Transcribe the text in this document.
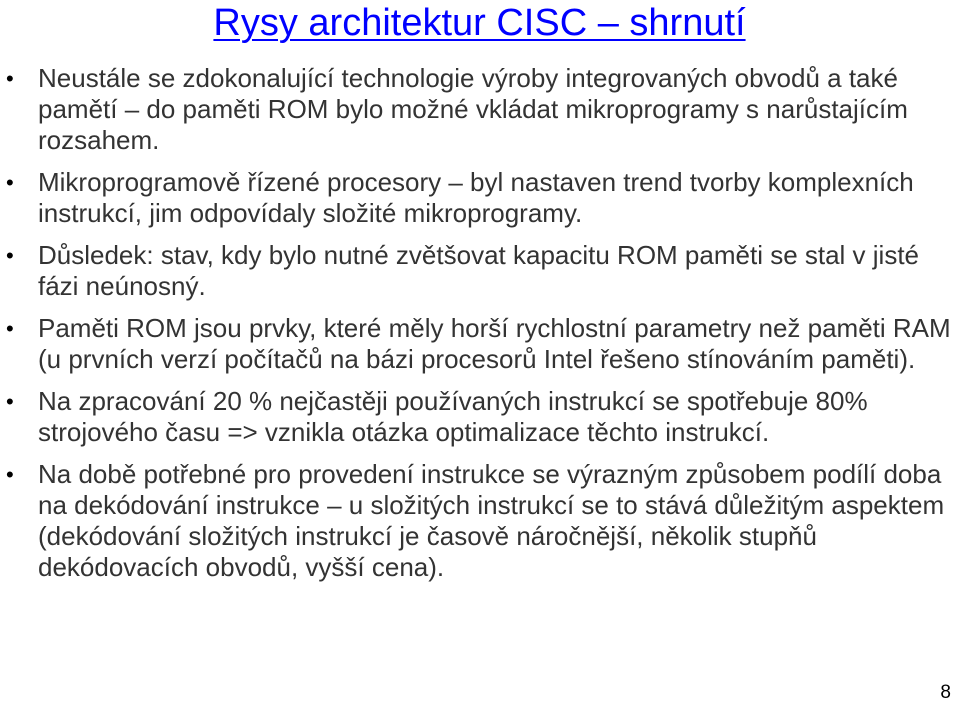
Rysy architektur CISC – shrnutí
• Neustále se zdokonalující technologie výroby integrovaných obvodů a také pamětí – do paměti ROM bylo možné vkládat mikroprogramy s narůstajícím rozsahem.
• Mikroprogramově řízené procesory – byl nastaven trend tvorby komplexních instrukcí, jim odpovídaly složité mikroprogramy.
• Důsledek: stav, kdy bylo nutné zvětšovat kapacitu ROM paměti se stal v jisté fázi neúnosný.
• Paměti ROM jsou prvky, které měly horší rychlostní parametry než paměti RAM (u prvních verzí počítačů na bázi procesorů Intel řešeno stínováním paměti).
• Na zpracování 20 % nejčastěji používaných instrukcí se spotřebuje 80% strojového času => vznikla otázka optimalizace těchto instrukcí.
• Na době potřebné pro provedení instrukce se výrazným způsobem podílí doba na dekódování instrukce – u složitých instrukcí se to stává důležitým aspektem (dekódování složitých instrukcí je časově náročnější, několik stupňů dekódovacích obvodů, vyšší cena).
8
